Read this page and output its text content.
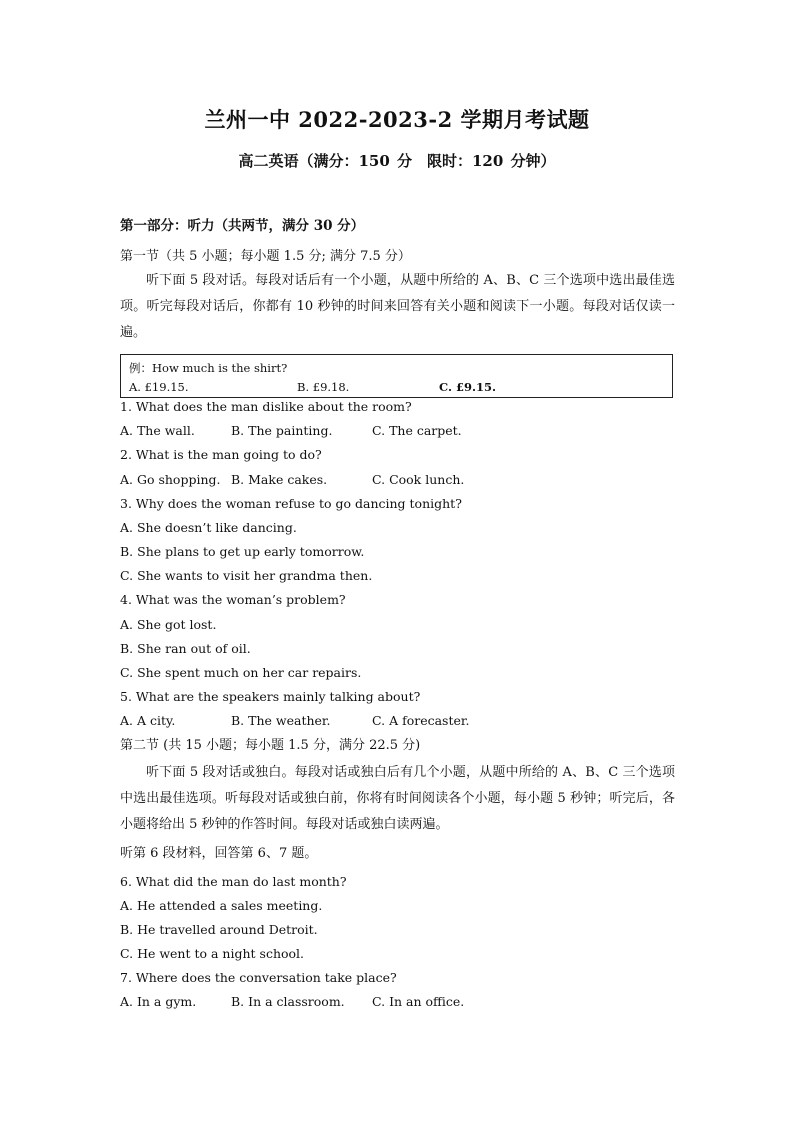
兰州一中 2022-2023-2 学期月考试题
高二英语（满分：150 分　限时：120 分钟）
第一部分：听力（共两节，满分 30 分）
第一节（共 5 小题；每小题 1.5 分; 满分 7.5 分）
听下面 5 段对话。每段对话后有一个小题，从题中所给的 A、B、C 三个选项中选出最佳选项。听完每段对话后，你都有 10 秒钟的时间来回答有关小题和阅读下一小题。每段对话仅读一遍。
例：How much is the shirt?
A. £19.15.	B. £9.18.	C. £9.15.
1. What does the man dislike about the room?
A. The wall.	B. The painting.	C. The carpet.
2. What is the man going to do?
A. Go shopping. B. Make cakes.	C. Cook lunch.
3. Why does the woman refuse to go dancing tonight?
A. She doesn’t like dancing.
B. She plans to get up early tomorrow.
C. She wants to visit her grandma then.
4. What was the woman’s problem?
A. She got lost.
B. She ran out of oil.
C. She spent much on her car repairs.
5. What are the speakers mainly talking about?
A. A city.	B. The weather.	C. A forecaster.
第二节 (共 15 小题；每小题 1.5 分，满分 22.5 分)
听下面 5 段对话或独白。每段对话或独白后有几个小题，从题中所给的 A、B、C 三个选项中选出最佳选项。听每段对话或独白前，你将有时间阅读各个小题，每小题 5 秒钟；听完后，各小题将给出 5 秒钟的作答时间。每段对话或独白读两遍。
听第 6 段材料，回答第 6、7 题。
6. What did the man do last month?
A. He attended a sales meeting.
B. He travelled around Detroit.
C. He went to a night school.
7. Where does the conversation take place?
A. In a gym.	B. In a classroom. C. In an office.
